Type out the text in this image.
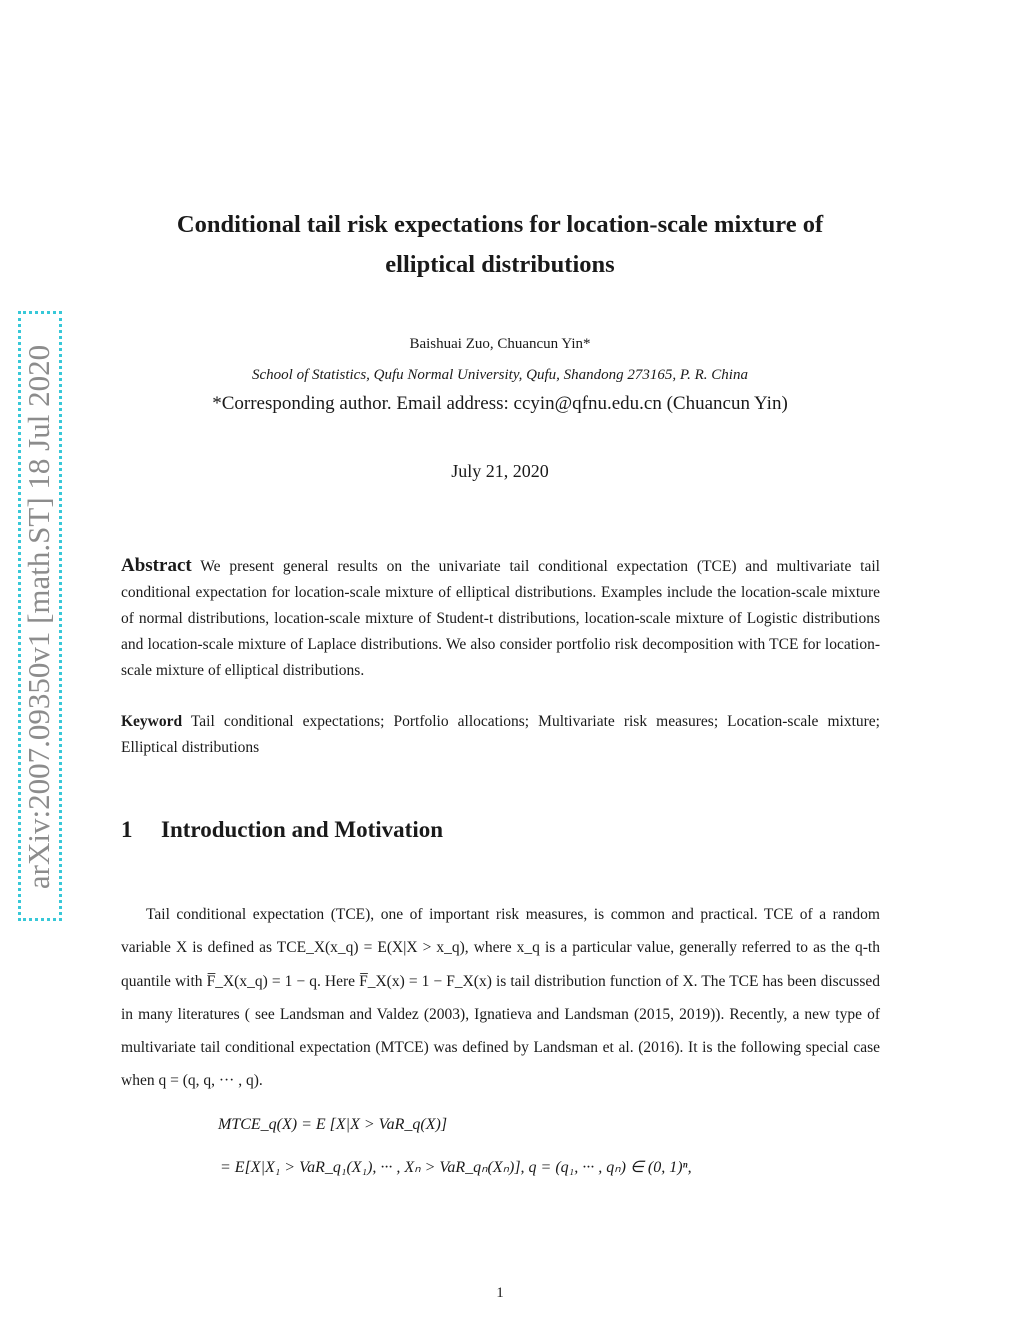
arXiv:2007.09350v1 [math.ST] 18 Jul 2020
Conditional tail risk expectations for location-scale mixture of
elliptical distributions
Baishuai Zuo, Chuancun Yin*
School of Statistics, Qufu Normal University, Qufu, Shandong 273165, P. R. China
*Corresponding author. Email address: ccyin@qfnu.edu.cn (Chuancun Yin)
July 21, 2020
Abstract We present general results on the univariate tail conditional expectation (TCE) and multivariate tail conditional expectation for location-scale mixture of elliptical distributions. Examples include the location-scale mixture of normal distributions, location-scale mixture of Student-t distributions, location-scale mixture of Logistic distributions and location-scale mixture of Laplace distributions. We also consider portfolio risk decomposition with TCE for location-scale mixture of elliptical distributions.
Keyword Tail conditional expectations; Portfolio allocations; Multivariate risk measures; Location-scale mixture; Elliptical distributions
1 Introduction and Motivation
Tail conditional expectation (TCE), one of important risk measures, is common and practical. TCE of a random variable X is defined as TCE_X(x_q) = E(X|X > x_q), where x_q is a particular value, generally referred to as the q-th quantile with F̅_X(x_q) = 1 − q. Here F̅_X(x) = 1 − F_X(x) is tail distribution function of X. The TCE has been discussed in many literatures ( see Landsman and Valdez (2003), Ignatieva and Landsman (2015, 2019)). Recently, a new type of multivariate tail conditional expectation (MTCE) was defined by Landsman et al. (2016). It is the following special case when q = (q, q, ··· , q).
MTCE_q(X) = E [X|X > VaR_q(X)]
= E[X|X₁ > VaR_q₁(X₁), ··· , Xₙ > VaR_qₙ(Xₙ)], q = (q₁, ··· , qₙ) ∈ (0, 1)ⁿ,
1
